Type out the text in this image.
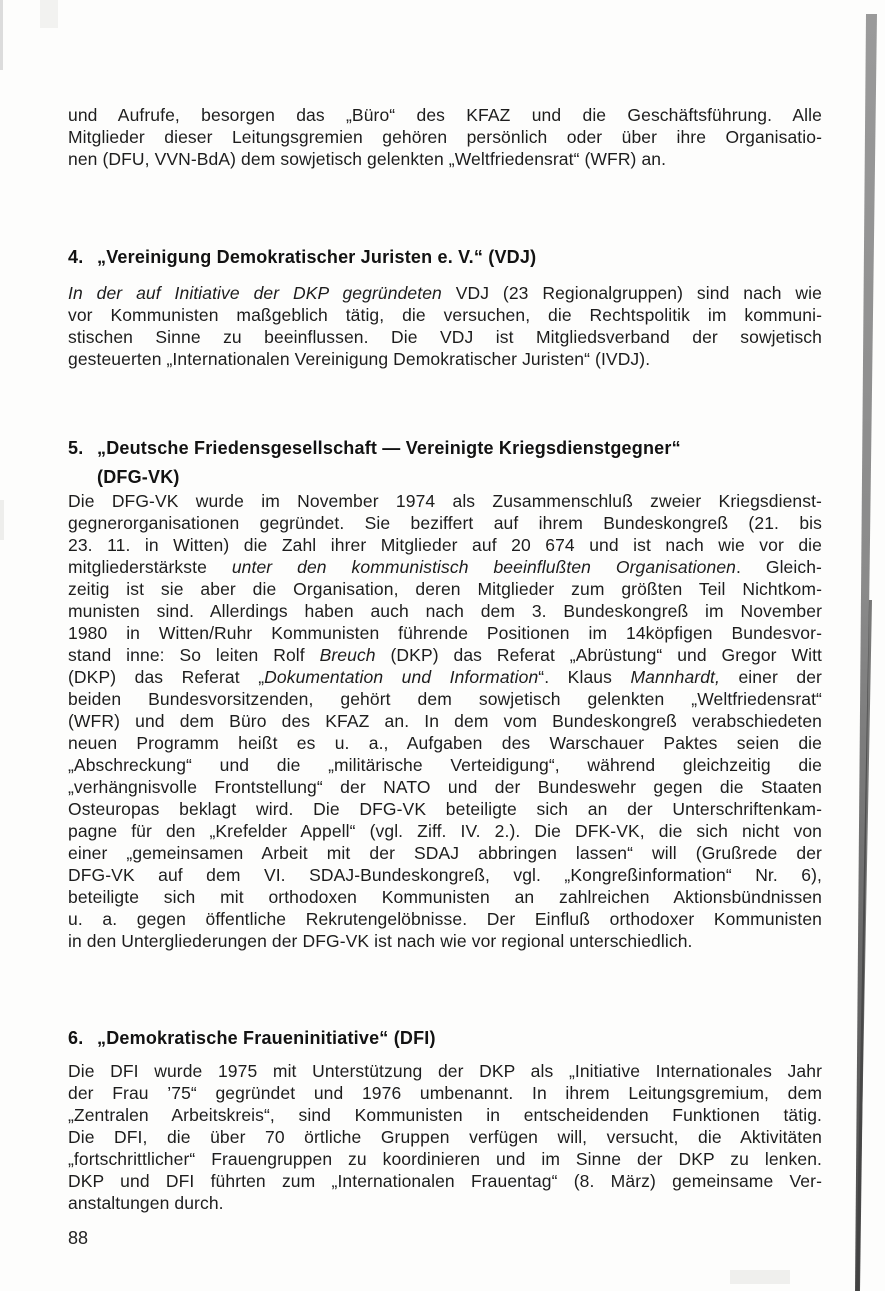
und Aufrufe, besorgen das „Büro“ des KFAZ und die Geschäftsführung. Alle
Mitglieder dieser Leitungsgremien gehören persönlich oder über ihre Organisatio-
nen (DFU, VVN-BdA) dem sowjetisch gelenkten „Weltfriedensrat“ (WFR) an.
4. „Vereinigung Demokratischer Juristen e. V.“ (VDJ)
In der auf Initiative der DKP gegründeten VDJ (23 Regionalgruppen) sind nach wie
vor Kommunisten maßgeblich tätig, die versuchen, die Rechtspolitik im kommuni-
stischen Sinne zu beeinflussen. Die VDJ ist Mitgliedsverband der sowjetisch
gesteuerten „Internationalen Vereinigung Demokratischer Juristen“ (IVDJ).
5. „Deutsche Friedensgesellschaft — Vereinigte Kriegsdienstgegner“
(DFG-VK)
Die DFG-VK wurde im November 1974 als Zusammenschluß zweier Kriegsdienst-
gegnerorganisationen gegründet. Sie beziffert auf ihrem Bundeskongreß (21. bis
23. 11. in Witten) die Zahl ihrer Mitglieder auf 20 674 und ist nach wie vor die
mitgliederstärkste unter den kommunistisch beeinflußten Organisationen. Gleich-
zeitig ist sie aber die Organisation, deren Mitglieder zum größten Teil Nichtkom-
munisten sind. Allerdings haben auch nach dem 3. Bundeskongreß im November
1980 in Witten/Ruhr Kommunisten führende Positionen im 14köpfigen Bundesvor-
stand inne: So leiten Rolf Breuch (DKP) das Referat „Abrüstung“ und Gregor Witt
(DKP) das Referat „Dokumentation und Information“. Klaus Mannhardt, einer der
beiden Bundesvorsitzenden, gehört dem sowjetisch gelenkten „Weltfriedensrat“
(WFR) und dem Büro des KFAZ an. In dem vom Bundeskongreß verabschiedeten
neuen Programm heißt es u. a., Aufgaben des Warschauer Paktes seien die
„Abschreckung“ und die „militärische Verteidigung“, während gleichzeitig die
„verhängnisvolle Frontstellung“ der NATO und der Bundeswehr gegen die Staaten
Osteuropas beklagt wird. Die DFG-VK beteiligte sich an der Unterschriftenkam-
pagne für den „Krefelder Appell“ (vgl. Ziff. IV. 2.). Die DFK-VK, die sich nicht von
einer „gemeinsamen Arbeit mit der SDAJ abbringen lassen“ will (Grußrede der
DFG-VK auf dem VI. SDAJ-Bundeskongreß, vgl. „Kongreßinformation“ Nr. 6),
beteiligte sich mit orthodoxen Kommunisten an zahlreichen Aktionsbündnissen
u. a. gegen öffentliche Rekrutengelöbnisse. Der Einfluß orthodoxer Kommunisten
in den Untergliederungen der DFG-VK ist nach wie vor regional unterschiedlich.
6. „Demokratische Fraueninitiative“ (DFI)
Die DFI wurde 1975 mit Unterstützung der DKP als „Initiative Internationales Jahr
der Frau ’75“ gegründet und 1976 umbenannt. In ihrem Leitungsgremium, dem
„Zentralen Arbeitskreis“, sind Kommunisten in entscheidenden Funktionen tätig.
Die DFI, die über 70 örtliche Gruppen verfügen will, versucht, die Aktivitäten
„fortschrittlicher“ Frauengruppen zu koordinieren und im Sinne der DKP zu lenken.
DKP und DFI führten zum „Internationalen Frauentag“ (8. März) gemeinsame Ver-
anstaltungen durch.
88
